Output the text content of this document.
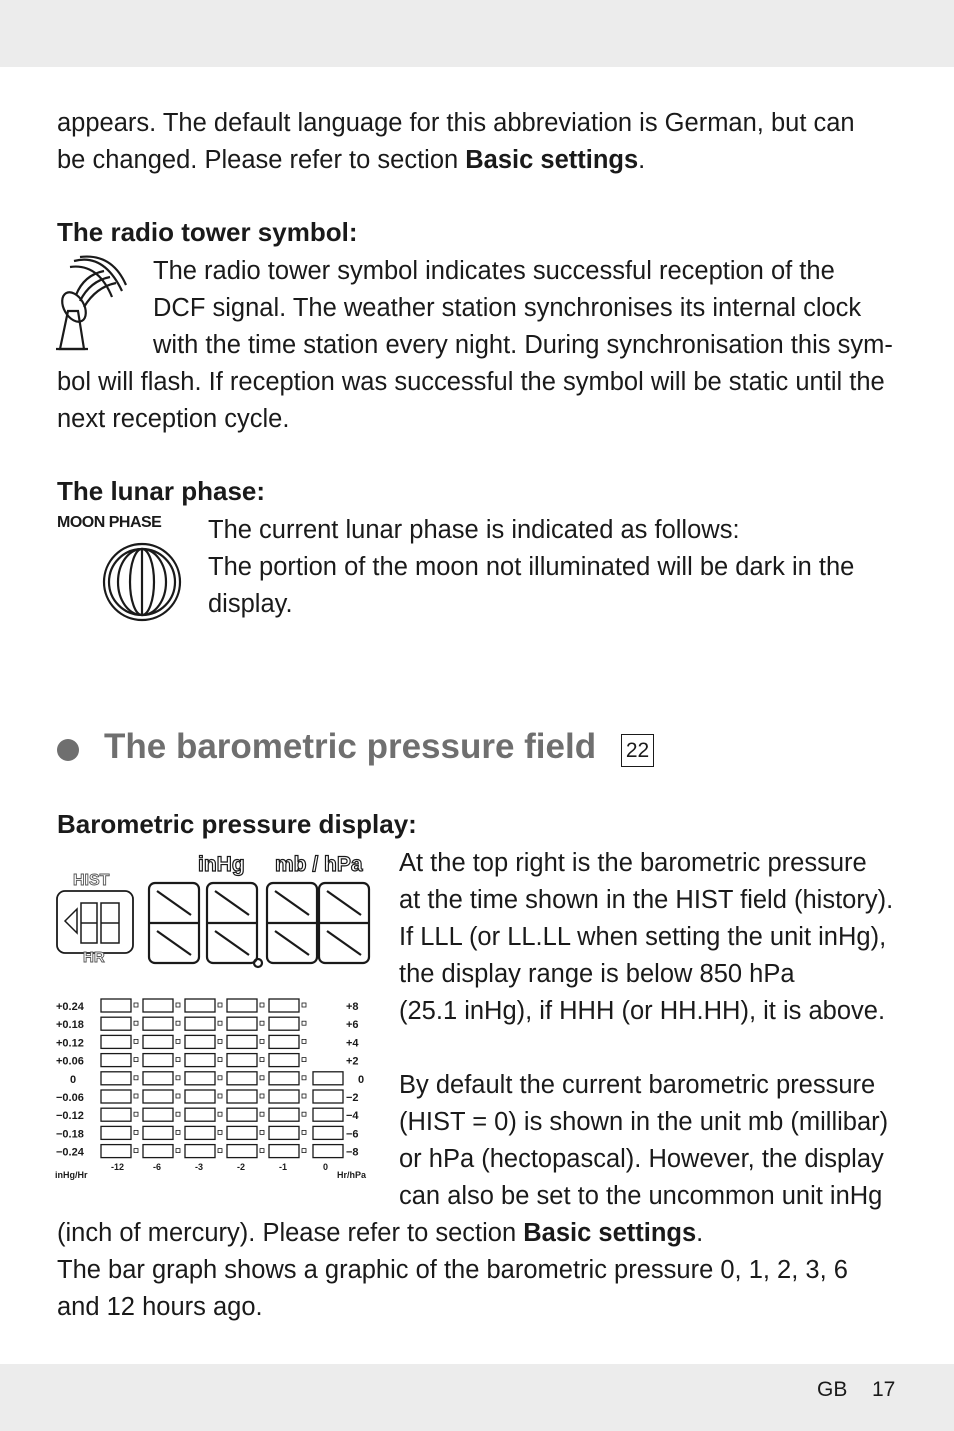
appears. The default language for this abbreviation is German, but can
be changed. Please refer to section Basic settings.
The radio tower symbol:
The radio tower symbol indicates successful reception of the
DCF signal. The weather station synchronises its internal clock
with the time station every night. During synchronisation this sym-
bol will flash. If reception was successful the symbol will be static until the
next reception cycle.
The lunar phase:
MOON PHASE The current lunar phase is indicated as follows:
The portion of the moon not illuminated will be dark in the
display.
The barometric pressure field 22
Barometric pressure display:
inHg mb / hPa
HIST
HR
+0.24
+0.18
+0.12
+0.06
0
−0.06
−0.12
−0.18
−0.24
+8
+6
+4
+2
0
−2
−4
−6
−8
-12	-6	-3	-2	-1	0
inHg/Hr	Hr/hPa
At the top right is the barometric pressure
at the time shown in the HIST field (history).
If LLL (or LL.LL when setting the unit inHg),
the display range is below 850 hPa
(25.1 inHg), if HHH (or HH.HH), it is above.
By default the current barometric pressure
(HIST = 0) is shown in the unit mb (millibar)
or hPa (hectopascal). However, the display
can also be set to the uncommon unit inHg
(inch of mercury). Please refer to section Basic settings.
The bar graph shows a graphic of the barometric pressure 0, 1, 2, 3, 6
and 12 hours ago.
GB 17
